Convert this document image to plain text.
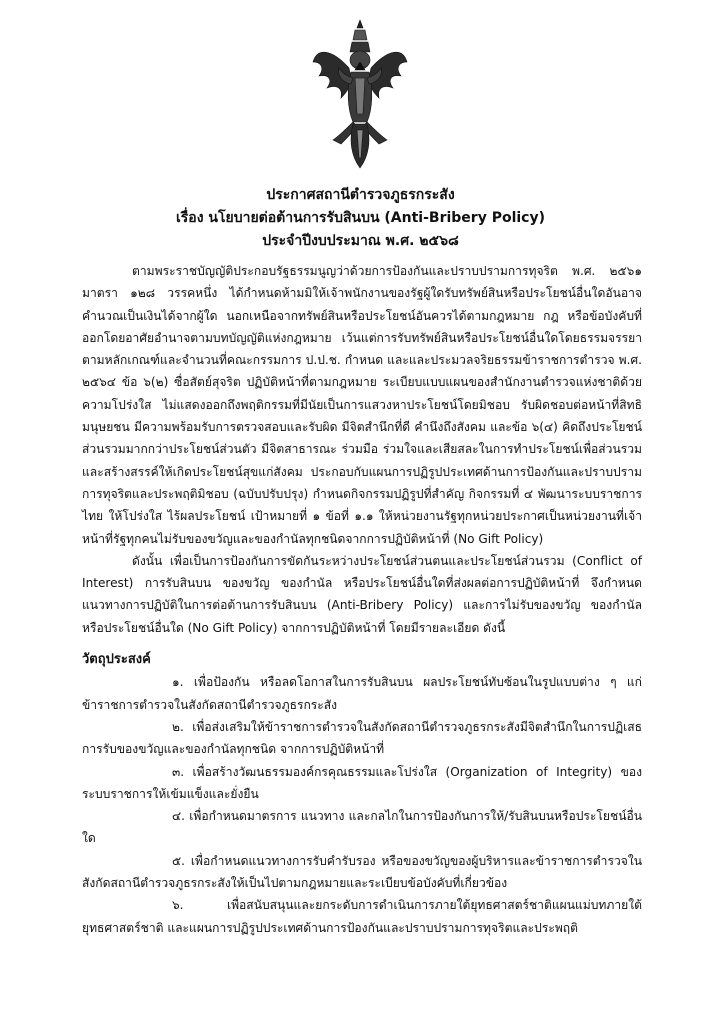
ประกาศสถานีตำรวจภูธรกระสัง
เรื่อง นโยบายต่อต้านการรับสินบน (Anti-Bribery Policy)
ประจำปีงบประมาณ พ.ศ. ๒๕๖๘

ตามพระราชบัญญัติประกอบรัฐธรรมนูญว่าด้วยการป้องกันและปราบปรามการทุจริต พ.ศ. ๒๕๖๑ มาตรา ๑๒๘ วรรคหนึ่ง ได้กำหนดห้ามมิให้เจ้าพนักงานของรัฐผู้ใดรับทรัพย์สินหรือประโยชน์อื่นใดอันอาจคำนวณเป็นเงินได้จากผู้ใด นอกเหนือจากทรัพย์สินหรือประโยชน์อันควรได้ตามกฎหมาย กฎ หรือข้อบังคับที่ออกโดยอาศัยอำนาจตามบทบัญญัติแห่งกฎหมาย เว้นแต่การรับทรัพย์สินหรือประโยชน์อื่นใดโดยธรรมจรรยา ตามหลักเกณฑ์และจำนวนที่คณะกรรมการ ป.ป.ช. กำหนด และและประมวลจริยธรรมข้าราชการตำรวจ พ.ศ. ๒๕๖๔ ข้อ ๖(๒) ซื่อสัตย์สุจริต ปฏิบัติหน้าที่ตามกฎหมาย ระเบียบแบบแผนของสำนักงานตำรวจแห่งชาติด้วยความโปร่งใส ไม่แสดงออกถึงพฤติกรรมที่มีนัยเป็นการแสวงหาประโยชน์โดยมิชอบ รับผิดชอบต่อหน้าที่สิทธิมนุษยชน มีความพร้อมรับการตรวจสอบและรับผิด มีจิตสำนึกที่ดี คำนึงถึงสังคม และข้อ ๖(๔) คิดถึงประโยชน์ส่วนรวมมากกว่าประโยชน์ส่วนตัว มีจิตสาธารณะ ร่วมมือ ร่วมใจและเสียสละในการทำประโยชน์เพื่อส่วนรวม และสร้างสรรค์ให้เกิดประโยชน์สุขแก่สังคม ประกอบกับแผนการปฏิรูปประเทศด้านการป้องกันและปราบปรามการทุจริตและประพฤติมิชอบ (ฉบับปรับปรุง) กำหนดกิจกรรมปฏิรูปที่สำคัญ กิจกรรมที่ ๔ พัฒนาระบบราชการไทย ให้โปร่งใส ไร้ผลประโยชน์ เป้าหมายที่ ๑ ข้อที่ ๑.๑ ให้หน่วยงานรัฐทุกหน่วยประกาศเป็นหน่วยงานที่เจ้าหน้าที่รัฐทุกคนไม่รับของขวัญและของกำนัลทุกชนิดจากการปฏิบัติหน้าที่ (No Gift Policy)

ดังนั้น เพื่อเป็นการป้องกันการขัดกันระหว่างประโยชน์ส่วนตนและประโยชน์ส่วนรวม (Conflict of Interest) การรับสินบน ของขวัญ ของกำนัล หรือประโยชน์อื่นใดที่ส่งผลต่อการปฏิบัติหน้าที่ จึงกำหนดแนวทางการปฏิบัติในการต่อต้านการรับสินบน (Anti-Bribery Policy) และการไม่รับของขวัญ ของกำนัล หรือประโยชน์อื่นใด (No Gift Policy) จากการปฏิบัติหน้าที่ โดยมีรายละเอียด ดังนี้

วัตถุประสงค์

๑. เพื่อป้องกัน หรือลดโอกาสในการรับสินบน ผลประโยชน์ทับซ้อนในรูปแบบต่าง ๆ แก่ข้าราชการตำรวจในสังกัดสถานีตำรวจภูธรกระสัง

๒. เพื่อส่งเสริมให้ข้าราชการตำรวจในสังกัดสถานีตำรวจภูธรกระสังมีจิตสำนึกในการปฏิเสธการรับของขวัญและของกำนัลทุกชนิด จากการปฏิบัติหน้าที่

๓. เพื่อสร้างวัฒนธรรมองค์กรคุณธรรมและโปร่งใส (Organization of Integrity) ของระบบราชการให้เข้มแข็งและยั่งยืน

๔. เพื่อกำหนดมาตรการ แนวทาง และกลไกในการป้องกันการให้/รับสินบนหรือประโยชน์อื่นใด

๕. เพื่อกำหนดแนวทางการรับคำรับรอง หรือของขวัญของผู้บริหารและข้าราชการตำรวจในสังกัดสถานีตำรวจภูธรกระสังให้เป็นไปตามกฎหมายและระเบียบข้อบังคับที่เกี่ยวข้อง

๖. เพื่อสนับสนุนและยกระดับการดำเนินการภายใต้ยุทธศาสตร์ชาติแผนแม่บทภายใต้ยุทธศาสตร์ชาติ และแผนการปฏิรูปประเทศด้านการป้องกันและปราบปรามการทุจริตและประพฤติ
